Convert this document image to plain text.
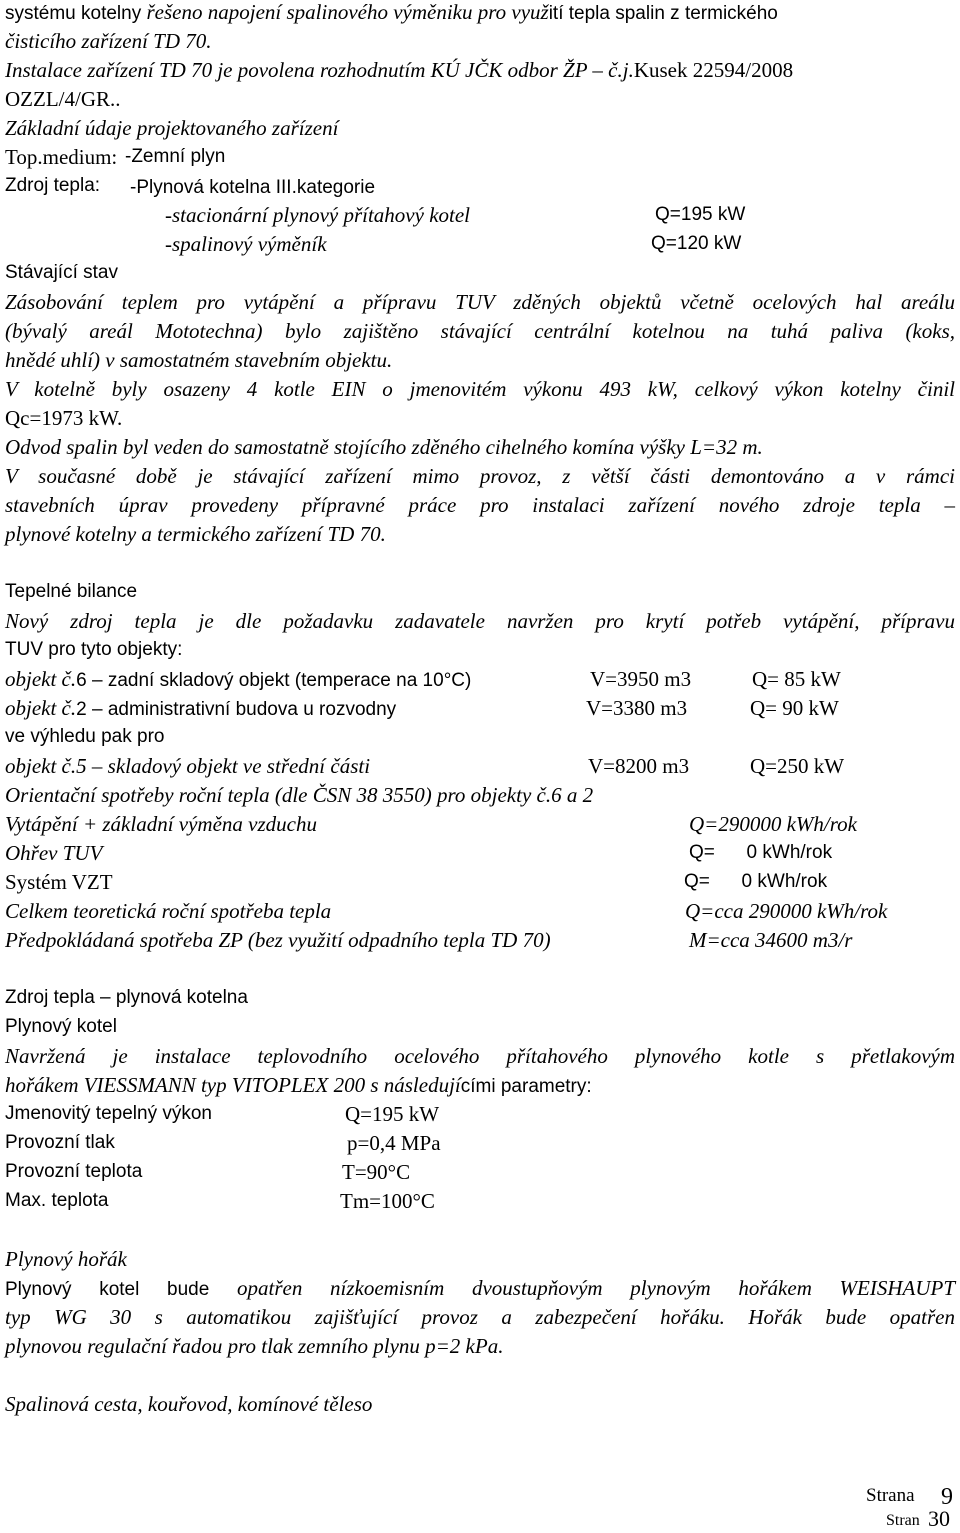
systému kotelny řešeno napojení spalinového výměniku pro využití tepla spalin z termického
čisticího zařízení TD 70.
Instalace zařízení TD 70 je povolena rozhodnutím KÚ JČK odbor ŽP – č.j.Kusek 22594/2008
OZZL/4/GR..
Základní údaje projektovaného zařízení
Top.medium: -Zemní plyn
Zdroj tepla: -Plynová kotelna III.kategorie
-stacionární plynový přítahový kotel	Q=195 kW
-spalinový výměník	Q=120 kW
Stávající stav
Zásobování teplem pro vytápění a přípravu TUV zděných objektů včetně ocelových hal areálu
(bývalý areál Mototechna) bylo zajištěno stávající centrální kotelnou na tuhá paliva (koks,
hnědé uhlí) v samostatném stavebním objektu.
V kotelně byly osazeny 4 kotle EIN o jmenovitém výkonu 493 kW, celkový výkon kotelny činil
Qc=1973 kW.
Odvod spalin byl veden do samostatně stojícího zděného cihelného komína výšky L=32 m.
V současné době je stávající zařízení mimo provoz, z větší části demontováno a v rámci
stavebních úprav provedeny přípravné práce pro instalaci zařízení nového zdroje tepla –
plynové kotelny a termického zařízení TD 70.
Tepelné bilance
Nový zdroj tepla je dle požadavku zadavatele navržen pro krytí potřeb vytápění, přípravu
TUV pro tyto objekty:
objekt č.6 – zadní skladový objekt (temperace na 10°C)	V=3950 m3	Q= 85 kW
objekt č.2 – administrativní budova u rozvodny	V=3380 m3	Q= 90 kW
ve výhledu pak pro
objekt č.5 – skladový objekt ve střední části	V=8200 m3	Q=250 kW
Orientační spotřeby roční tepla (dle ČSN 38 3550) pro objekty č.6 a 2
Vytápění + základní výměna vzduchu	Q=290000 kWh/rok
Ohřev TUV	Q=      0 kWh/rok
Systém VZT	Q=      0 kWh/rok
Celkem teoretická roční spotřeba tepla	Q=cca 290000 kWh/rok
Předpokládaná spotřeba ZP (bez využití odpadního tepla TD 70)	M=cca 34600 m3/r
Zdroj tepla – plynová kotelna
Plynový kotel
Navržená je instalace teplovodního ocelového přítahového plynového kotle s přetlakovým
hořákem VIESSMANN typ VITOPLEX 200 s následujícími parametry:
Jmenovitý tepelný výkon	Q=195 kW
Provozní tlak	p=0,4 MPa
Provozní teplota	T=90°C
Max. teplota	Tm=100°C
Plynový hořák
Plynový kotel bude opatřen nízkoemisním dvoustupňovým plynovým hořákem WEISHAUPT
typ WG 30 s automatikou zajišťující provoz a zabezpečení hořáku. Hořák bude opatřen
plynovou regulační řadou pro tlak zemního plynu p=2 kPa.
Spalinová cesta, kouřovod, komínové těleso
Strana 9
Stran 30
